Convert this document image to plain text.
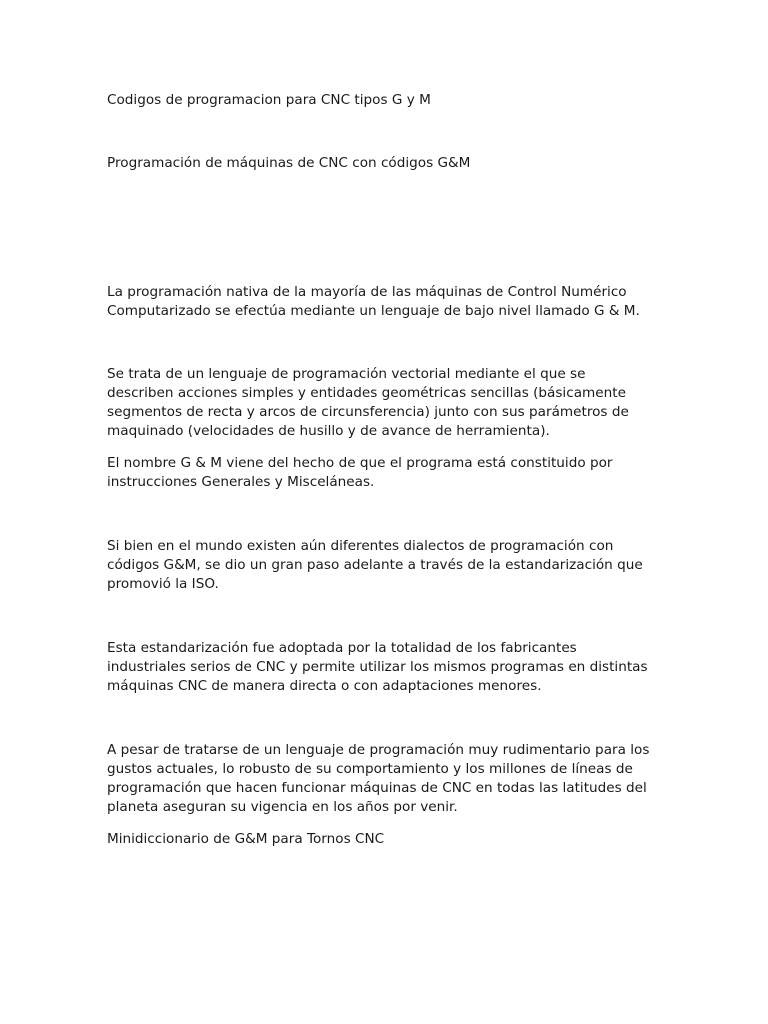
Codigos de programacion para CNC tipos G y M

Programación de máquinas de CNC con códigos G&M

La programación nativa de la mayoría de las máquinas de Control Numérico

Computarizado se efectúa mediante un lenguaje de bajo nivel llamado G & M.

Se trata de un lenguaje de programación vectorial mediante el que se

describen acciones simples y entidades geométricas sencillas (básicamente

segmentos de recta y arcos de circunsferencia) junto con sus parámetros de

maquinado (velocidades de husillo y de avance de herramienta).

El nombre G & M viene del hecho de que el programa está constituido por

instrucciones Generales y Misceláneas.

Si bien en el mundo existen aún diferentes dialectos de programación con

códigos G&M, se dio un gran paso adelante a través de la estandarización que

promovió la ISO.

Esta estandarización fue adoptada por la totalidad de los fabricantes

industriales serios de CNC y permite utilizar los mismos programas en distintas

máquinas CNC de manera directa o con adaptaciones menores.

A pesar de tratarse de un lenguaje de programación muy rudimentario para los

gustos actuales, lo robusto de su comportamiento y los millones de líneas de

programación que hacen funcionar máquinas de CNC en todas las latitudes del

planeta aseguran su vigencia en los años por venir.

Minidiccionario de G&M para Tornos CNC
